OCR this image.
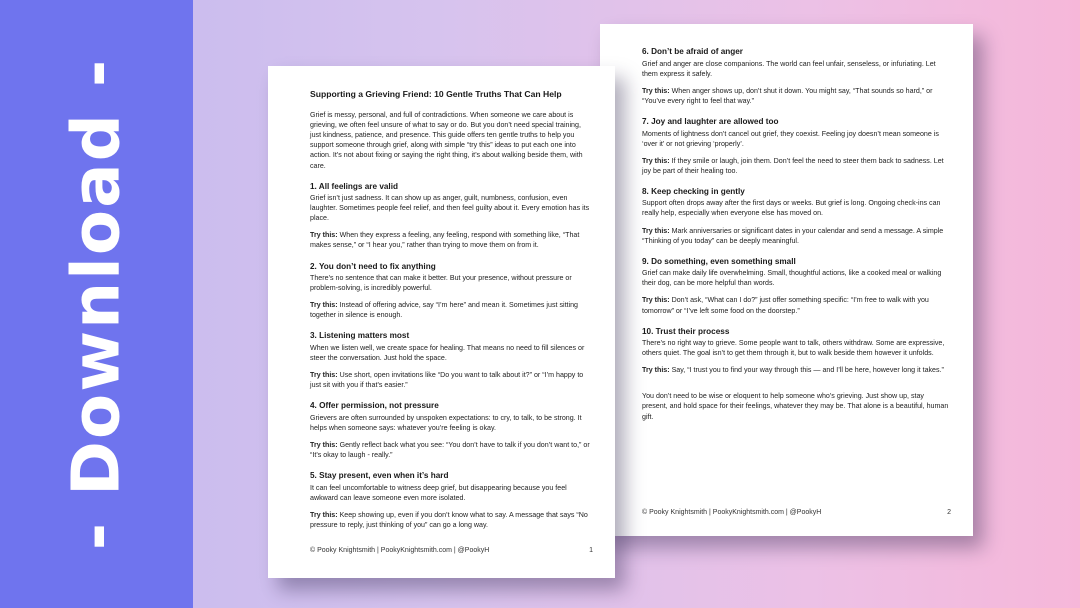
- Download -
6. Don’t be afraid of anger
Grief and anger are close companions. The world can feel unfair, senseless, or infuriating. Let them express it safely.
Try this: When anger shows up, don’t shut it down. You might say, “That sounds so hard,” or “You’ve every right to feel that way.”
7. Joy and laughter are allowed too
Moments of lightness don’t cancel out grief, they coexist. Feeling joy doesn’t mean someone is ‘over it’ or not grieving ‘properly’.
Try this: If they smile or laugh, join them. Don’t feel the need to steer them back to sadness. Let joy be part of their healing too.
8. Keep checking in gently
Support often drops away after the first days or weeks. But grief is long. Ongoing check-ins can really help, especially when everyone else has moved on.
Try this: Mark anniversaries or significant dates in your calendar and send a message. A simple “Thinking of you today” can be deeply meaningful.
9. Do something, even something small
Grief can make daily life overwhelming. Small, thoughtful actions, like a cooked meal or walking their dog, can be more helpful than words.
Try this: Don’t ask, “What can I do?” just offer something specific: “I’m free to walk with you tomorrow” or “I’ve left some food on the doorstep.”
10. Trust their process
There’s no right way to grieve. Some people want to talk, others withdraw. Some are expressive, others quiet. The goal isn’t to get them through it, but to walk beside them however it unfolds.
Try this: Say, “I trust you to find your way through this — and I’ll be here, however long it takes.”
You don’t need to be wise or eloquent to help someone who’s grieving. Just show up, stay present, and hold space for their feelings, whatever they may be. That alone is a beautiful, human gift.
© Pooky Knightsmith | PookyKnightsmith.com | @PookyH	2
Supporting a Grieving Friend: 10 Gentle Truths That Can Help
Grief is messy, personal, and full of contradictions. When someone we care about is grieving, we often feel unsure of what to say or do. But you don’t need special training, just kindness, patience, and presence. This guide offers ten gentle truths to help you support someone through grief, along with simple “try this” ideas to put each one into action. It’s not about fixing or saying the right thing, it’s about walking beside them, with care.
1. All feelings are valid
Grief isn’t just sadness. It can show up as anger, guilt, numbness, confusion, even laughter. Sometimes people feel relief, and then feel guilty about it. Every emotion has its place.
Try this: When they express a feeling, any feeling, respond with something like, “That makes sense,” or “I hear you,” rather than trying to move them on from it.
2. You don’t need to fix anything
There’s no sentence that can make it better. But your presence, without pressure or problem-solving, is incredibly powerful.
Try this: Instead of offering advice, say “I’m here” and mean it. Sometimes just sitting together in silence is enough.
3. Listening matters most
When we listen well, we create space for healing. That means no need to fill silences or steer the conversation. Just hold the space.
Try this: Use short, open invitations like “Do you want to talk about it?” or “I’m happy to just sit with you if that’s easier.”
4. Offer permission, not pressure
Grievers are often surrounded by unspoken expectations: to cry, to talk, to be strong. It helps when someone says: whatever you’re feeling is okay.
Try this: Gently reflect back what you see: “You don’t have to talk if you don’t want to,” or “It’s okay to laugh - really.”
5. Stay present, even when it’s hard
It can feel uncomfortable to witness deep grief, but disappearing because you feel awkward can leave someone even more isolated.
Try this: Keep showing up, even if you don’t know what to say. A message that says “No pressure to reply, just thinking of you” can go a long way.
© Pooky Knightsmith | PookyKnightsmith.com | @PookyH	1
